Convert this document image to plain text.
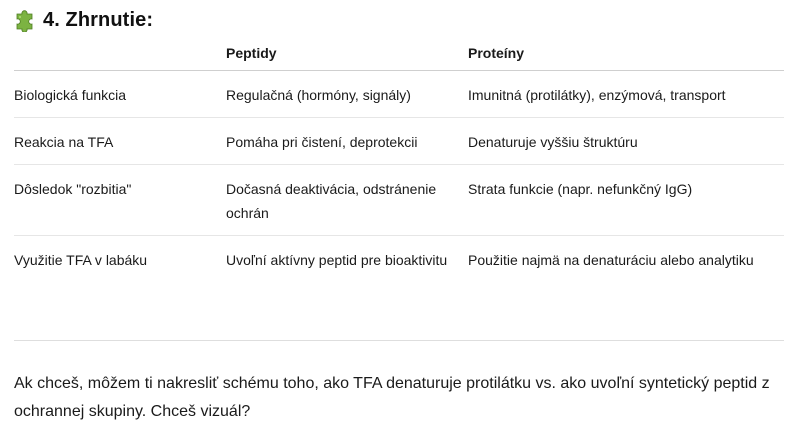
4. Zhrnutie:
	Peptidy	Proteíny
Biologická funkcia	Regulačná (hormóny, signály)	Imunitná (protilátky), enzýmová, transport
Reakcia na TFA	Pomáha pri čistení, deprotekcii	Denaturuje vyššiu štruktúru
Dôsledok "rozbitia"	Dočasná deaktivácia, odstránenie ochrán	Strata funkcie (napr. nefunkčný IgG)
Využitie TFA v labáku	Uvoľní aktívny peptid pre bioaktivitu	Použitie najmä na denaturáciu alebo analytiku

Ak chceš, môžem ti nakresliť schému toho, ako TFA denaturuje protilátku vs. ako uvoľní syntetický peptid z ochrannej skupiny. Chceš vizuál?
